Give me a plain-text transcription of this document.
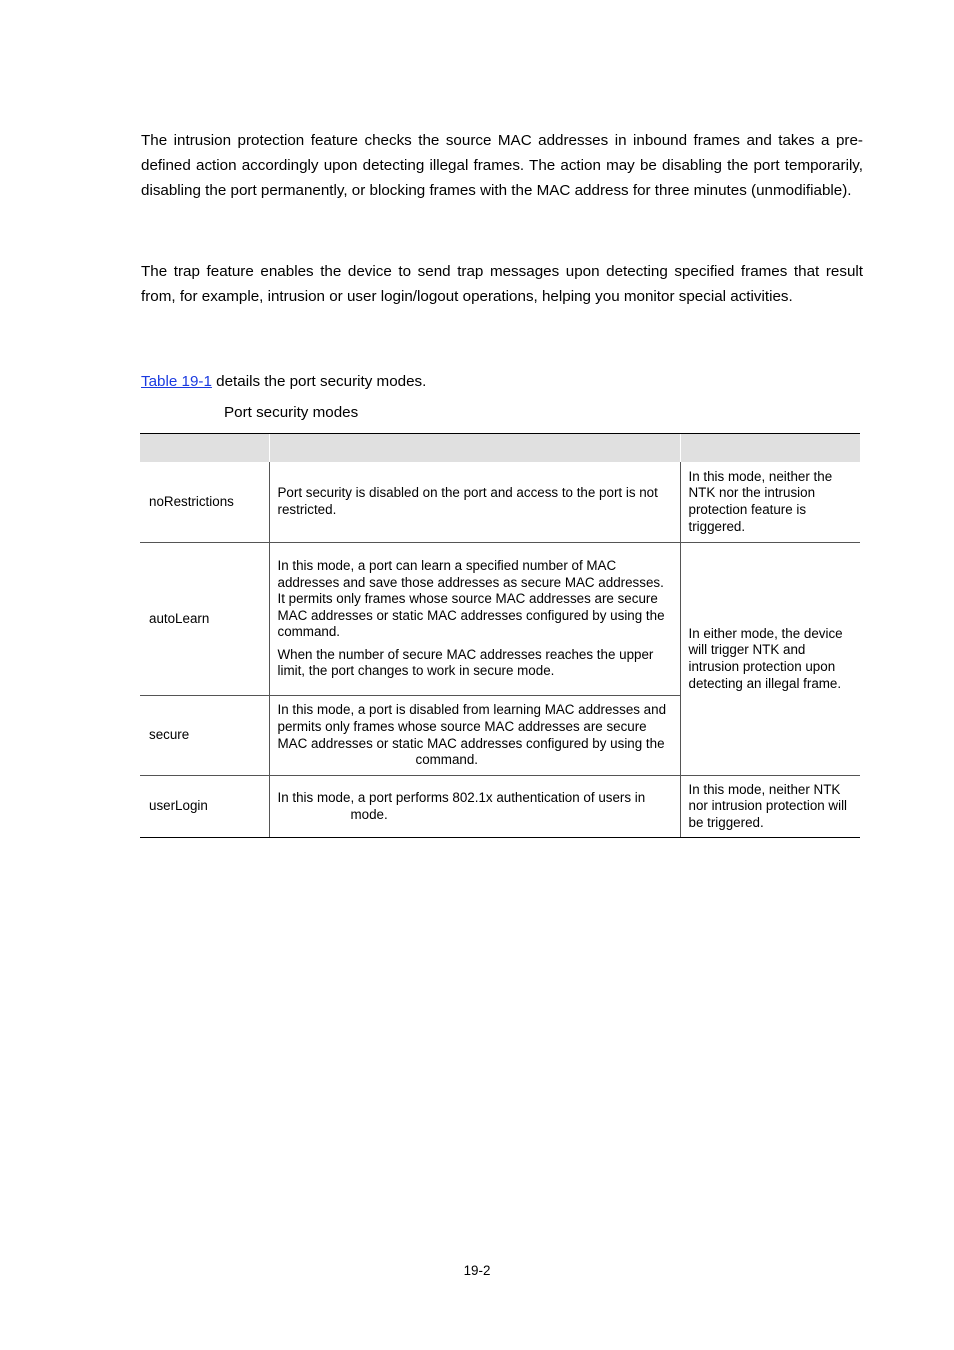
The intrusion protection feature checks the source MAC addresses in inbound frames and takes a pre-defined action accordingly upon detecting illegal frames. The action may be disabling the port temporarily, disabling the port permanently, or blocking frames with the MAC address for three minutes (unmodifiable).

The trap feature enables the device to send trap messages upon detecting specified frames that result from, for example, intrusion or user login/logout operations, helping you monitor special activities.

Table 19-1 details the port security modes.
Port security modes

noRestrictions	Port security is disabled on the port and access to the port is not restricted.	In this mode, neither the NTK nor the intrusion protection feature is triggered.
autoLearn	In this mode, a port can learn a specified number of MAC addresses and save those addresses as secure MAC addresses. It permits only frames whose source MAC addresses are secure MAC addresses or static MAC addresses configured by using the
command.

When the number of secure MAC addresses reaches the upper limit, the port changes to work in secure mode.	In either mode, the device will trigger NTK and intrusion protection upon detecting an illegal frame.
secure	In this mode, a port is disabled from learning MAC addresses and permits only frames whose source MAC addresses are secure MAC addresses or static MAC addresses configured by using the
command.	

userLogin	In this mode, a port performs 802.1x authentication of users in
mode.	In this mode, neither NTK nor intrusion protection will be triggered.
19-2
